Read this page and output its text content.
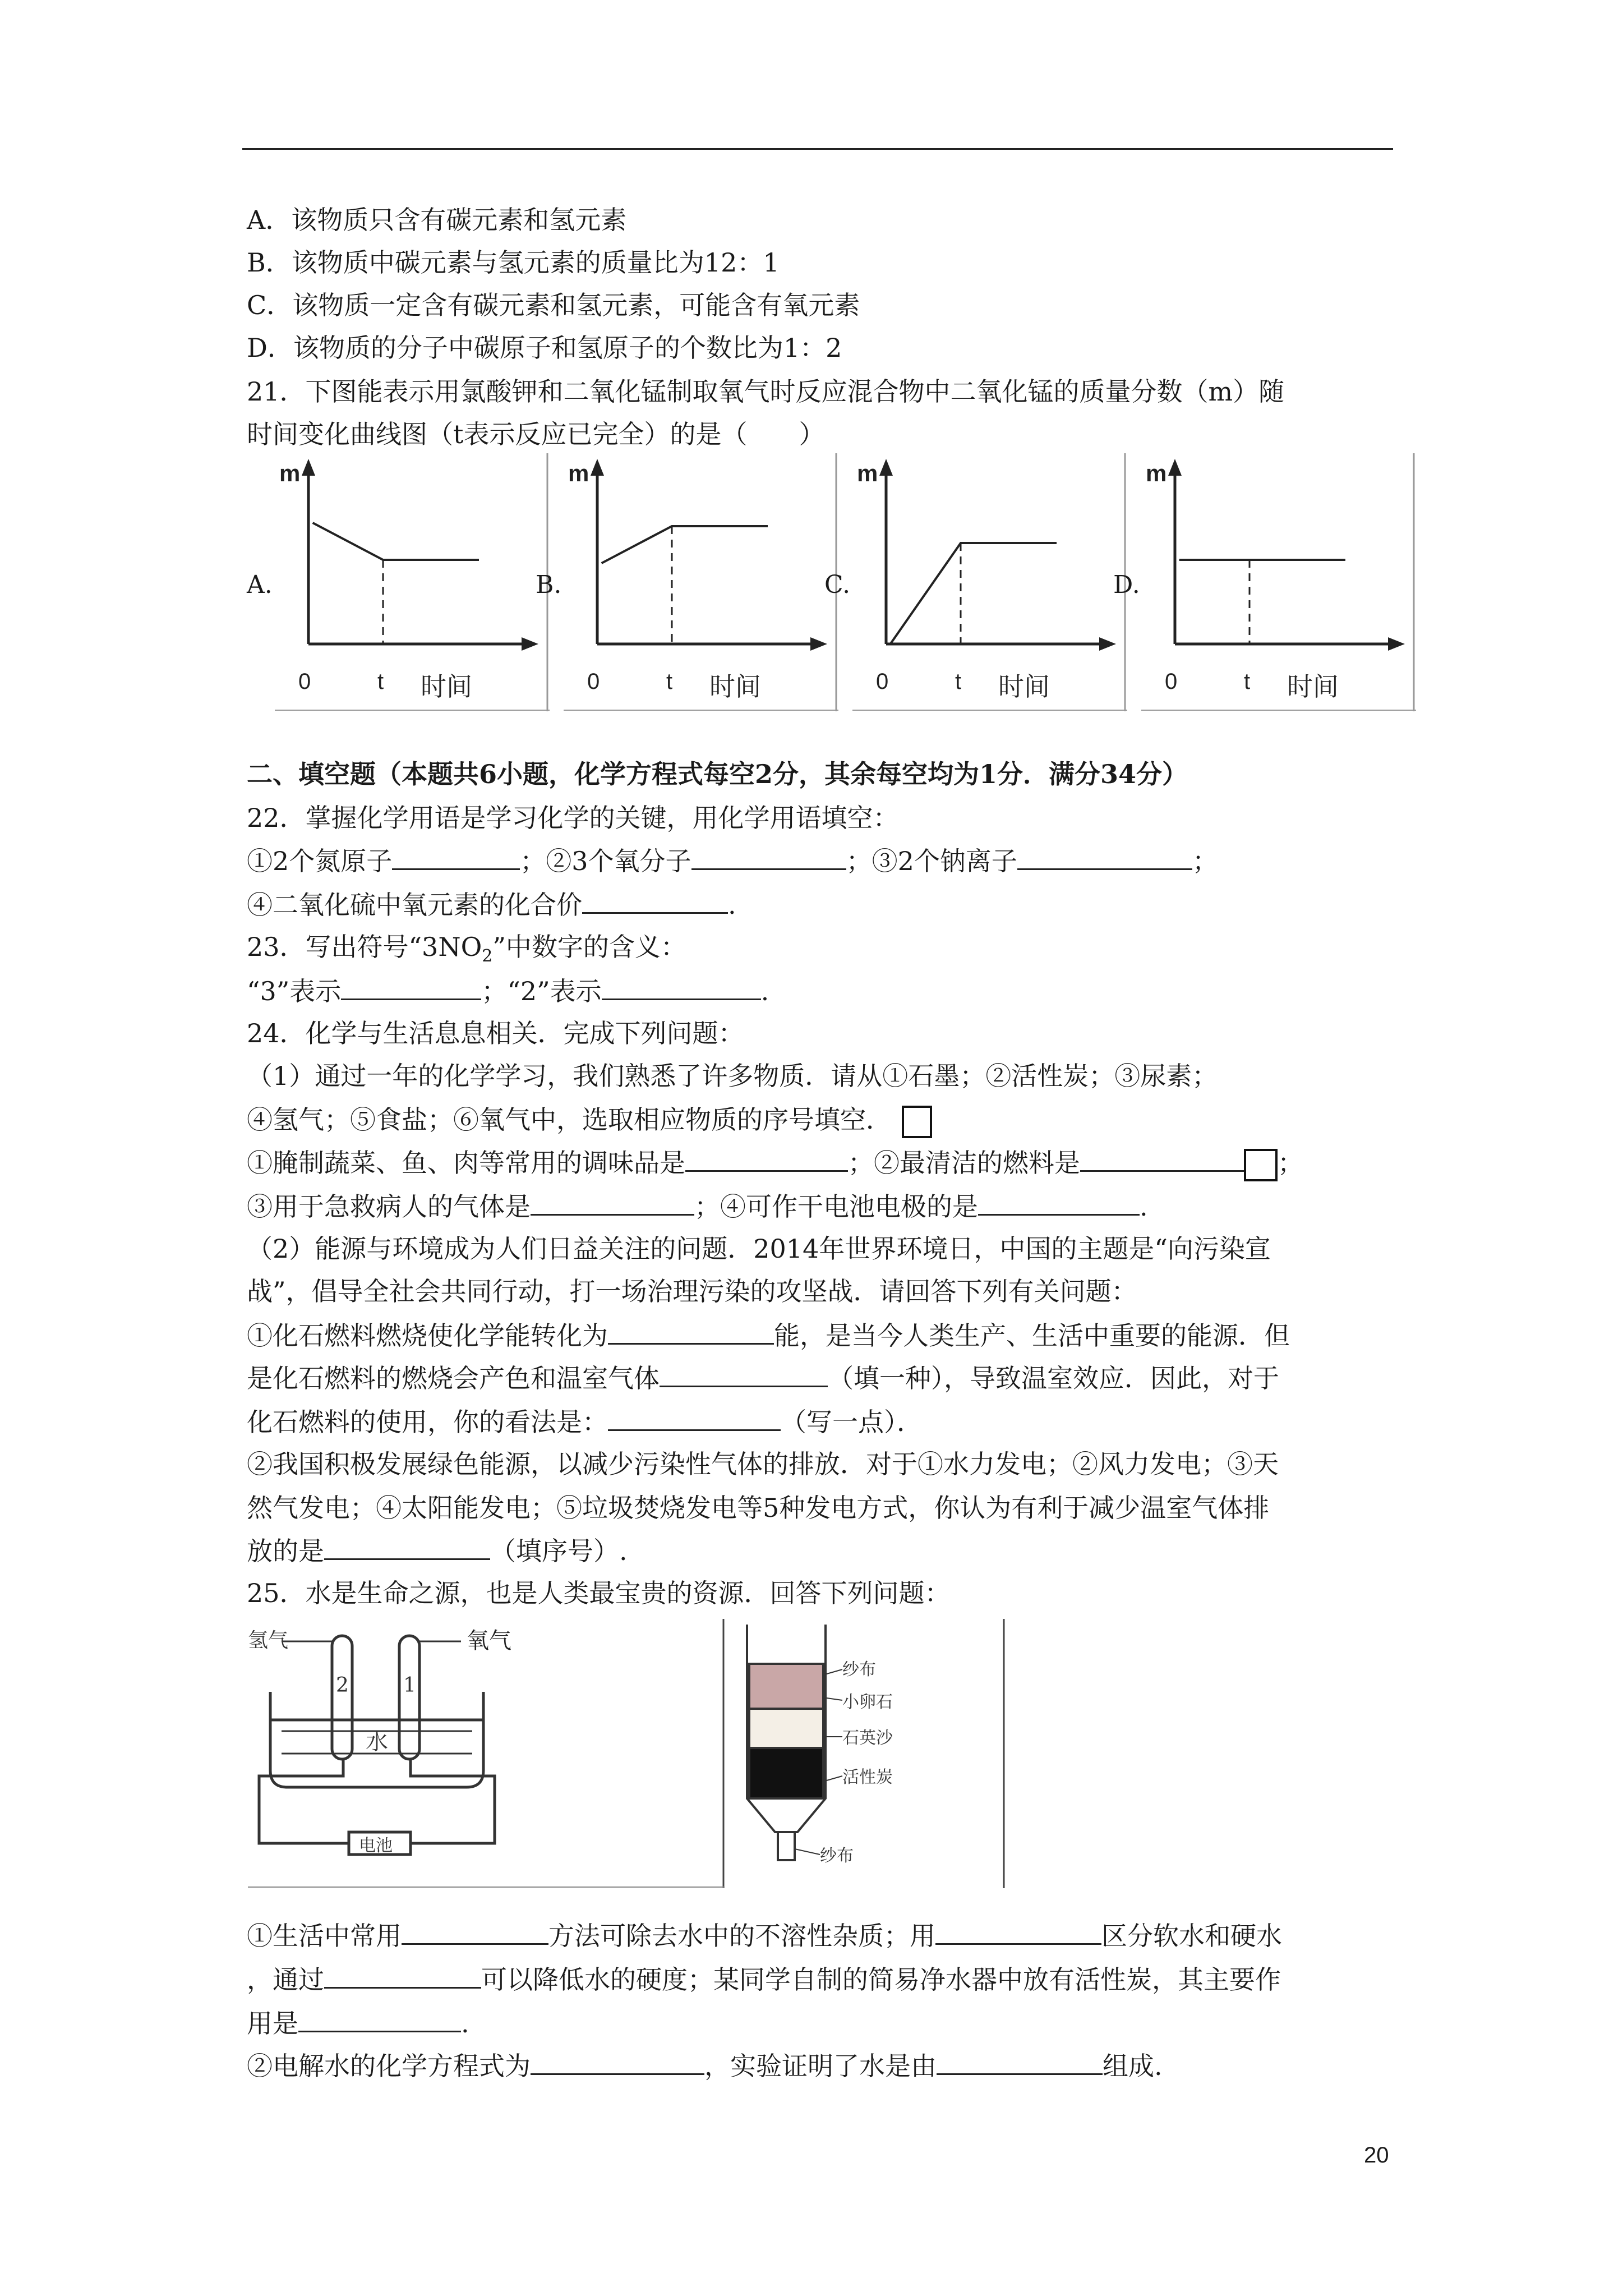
A．该物质只含有碳元素和氢元素
B．该物质中碳元素与氢元素的质量比为12：1
C．该物质一定含有碳元素和氢元素，可能含有氧元素
D．该物质的分子中碳原子和氢原子的个数比为1：2
21．下图能表示用氯酸钾和二氧化锰制取氧气时反应混合物中二氧化锰的质量分数（m）随
时间变化曲线图（t表示反应已完全）的是（　　）
A.
m
0	t 时间
B.
m
0	t 时间
C.
m
0	t 时间
D.
m
0	t 时间
二、填空题（本题共6小题，化学方程式每空2分，其余每空均为1分．满分34分）
22．掌握化学用语是学习化学的关键，用化学用语填空：
①2个氮原子	；②3个氧分子	；③2个钠离子	；
④二氧化硫中氧元素的化合价	.
23．写出符号“$3NO_2$”中数字的含义：
“3”表示	；“2”表示	.
24．化学与生活息息相关．完成下列问题：
（1）通过一年的化学学习，我们熟悉了许多物质．请从①石墨；②活性炭；③尿素；
④氢气；⑤食盐；⑥氧气中，选取相应物质的序号填空．
①腌制蔬菜、鱼、肉等常用的调味品是	；②最清洁的燃料是	；
③用于急救病人的气体是	；④可作干电池电极的是	.
（2）能源与环境成为人们日益关注的问题．2014年世界环境日，中国的主题是“向污染宣
战”，倡导全社会共同行动，打一场治理污染的攻坚战．请回答下列有关问题：
①化石燃料燃烧使化学能转化为	能，是当今人类生产、生活中重要的能源．但
是化石燃料的燃烧会产色和温室气体	（填一种），导致温室效应．因此，对于
化石燃料的使用，你的看法是：	（写一点）．
②我国积极发展绿色能源，以减少污染性气体的排放．对于①水力发电；②风力发电；③天
然气发电；④太阳能发电；⑤垃圾焚烧发电等5种发电方式，你认为有利于减少温室气体排
放的是	（填序号）.
25．水是生命之源，也是人类最宝贵的资源．回答下列问题：
氢气	氧气
2	1
水
电池
纱布
小卵石
石英沙
活性炭
纱布
①生活中常用	方法可除去水中的不溶性杂质；用	区分软水和硬水
，通过	可以降低水的硬度；某同学自制的简易净水器中放有活性炭，其主要作
用是	.
②电解水的化学方程式为	，实验证明了水是由	组成.
20
